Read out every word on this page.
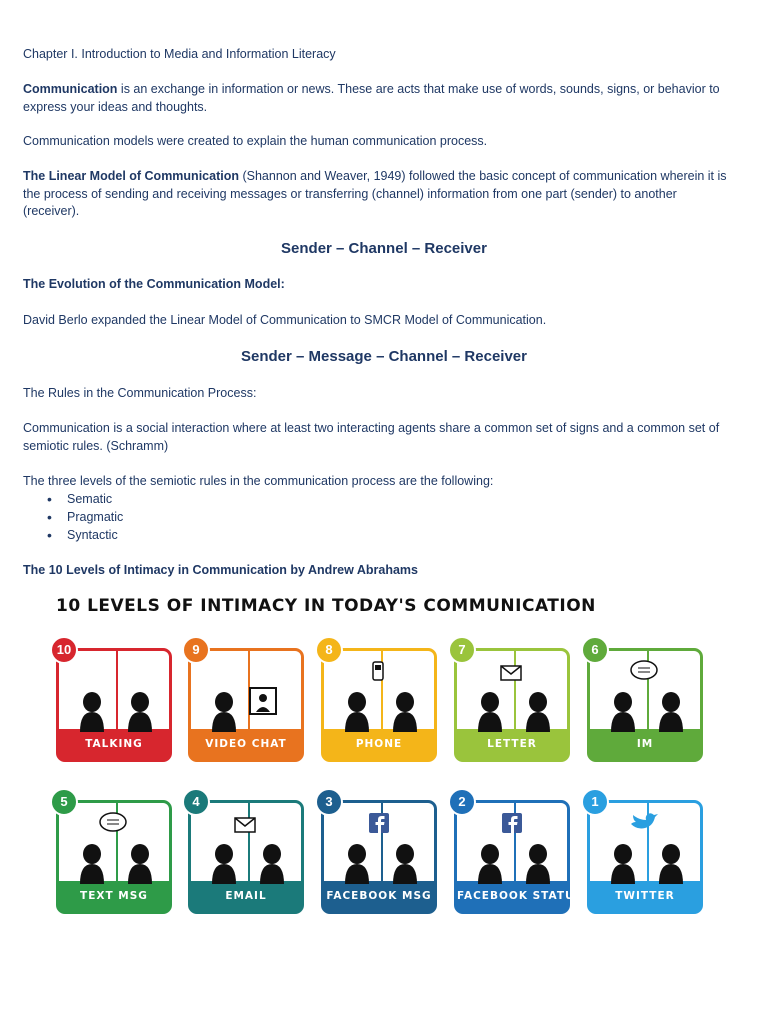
Chapter I. Introduction to Media and Information Literacy

Communication is an exchange in information or news. These are acts that make use of words, sounds, signs, or behavior to express your ideas and thoughts.

Communication models were created to explain the human communication process.

The Linear Model of Communication (Shannon and Weaver, 1949) followed the basic concept of communication wherein it is the process of sending and receiving messages or transferring (channel) information from one part (sender) to another (receiver).

Sender – Channel – Receiver

The Evolution of the Communication Model:

David Berlo expanded the Linear Model of Communication to SMCR Model of Communication.

Sender – Message – Channel – Receiver

The Rules in the Communication Process:

Communication is a social interaction where at least two interacting agents share a common set of signs and a common set of semiotic rules. (Schramm)

The three levels of the semiotic rules in the communication process are the following:

• Sematic
• Pragmatic
• Syntactic

The 10 Levels of Intimacy in Communication by Andrew Abrahams

10 LEVELS OF INTIMACY IN TODAY'S COMMUNICATION
TALKING
10
VIDEO CHAT
9
PHONE
8
LETTER
7
IM
6
TEXT MSG
5
EMAIL
4
FACEBOOK MSG
3
FACEBOOK STATUS
2
TWITTER
1
